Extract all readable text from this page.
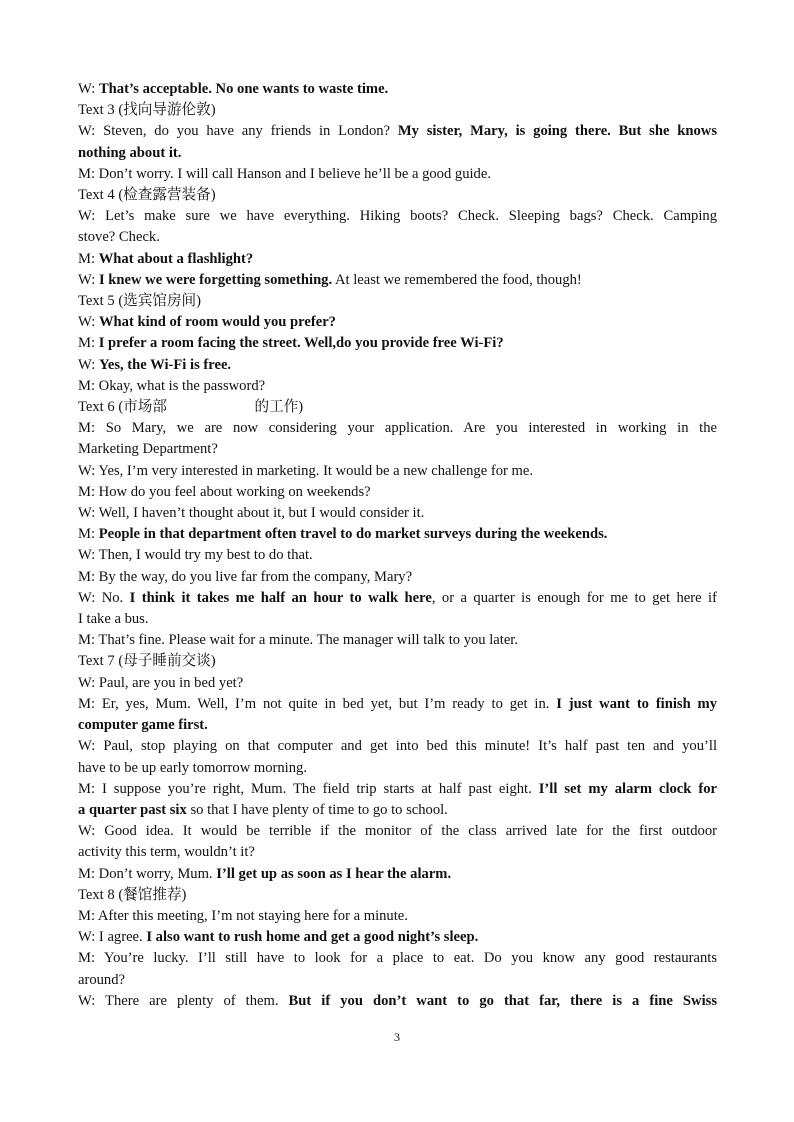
W: That’s acceptable. No one wants to waste time.
Text 3 (找向导游伦敦)
W: Steven, do you have any friends in London? My sister, Mary, is going there. But she knows
nothing about it.
M: Don’t worry. I will call Hanson and I believe he’ll be a good guide.
Text 4 (检查露营装备)
W: Let’s make sure we have everything. Hiking boots? Check. Sleeping bags? Check. Camping
stove? Check.
M: What about a flashlight?
W: I knew we were forgetting something. At least we remembered the food, though!
Text 5 (选宾馆房间)
W: What kind of room would you prefer?
M: I prefer a room facing the street. Well,do you provide free Wi-Fi?
W: Yes, the Wi-Fi is free.
M: Okay, what is the password?
Text 6 (市场部                        的工作)
M: So Mary, we are now considering your application. Are you interested in working in the
Marketing Department?
W: Yes, I’m very interested in marketing. It would be a new challenge for me.
M: How do you feel about working on weekends?
W: Well, I haven’t thought about it, but I would consider it.
M: People in that department often travel to do market surveys during the weekends.
W: Then, I would try my best to do that.
M: By the way, do you live far from the company, Mary?
W: No. I think it takes me half an hour to walk here, or a quarter is enough for me to get here if
I take a bus.
M: That’s fine. Please wait for a minute. The manager will talk to you later.
Text 7 (母子睡前交谈)
W: Paul, are you in bed yet?
M: Er, yes, Mum. Well, I’m not quite in bed yet, but I’m ready to get in. I just want to finish my
computer game first.
W: Paul, stop playing on that computer and get into bed this minute! It’s half past ten and you’ll
have to be up early tomorrow morning.
M: I suppose you’re right, Mum. The field trip starts at half past eight. I’ll set my alarm clock for
a quarter past six so that I have plenty of time to go to school.
W: Good idea. It would be terrible if the monitor of the class arrived late for the first outdoor
activity this term, wouldn’t it?
M: Don’t worry, Mum. I’ll get up as soon as I hear the alarm.
Text 8 (餐馆推荐)
M: After this meeting, I’m not staying here for a minute.
W: I agree. I also want to rush home and get a good night’s sleep.
M: You’re lucky. I’ll still have to look for a place to eat. Do you know any good restaurants
around?
W: There are plenty of them. But if you don’t want to go that far, there is a fine Swiss
3
